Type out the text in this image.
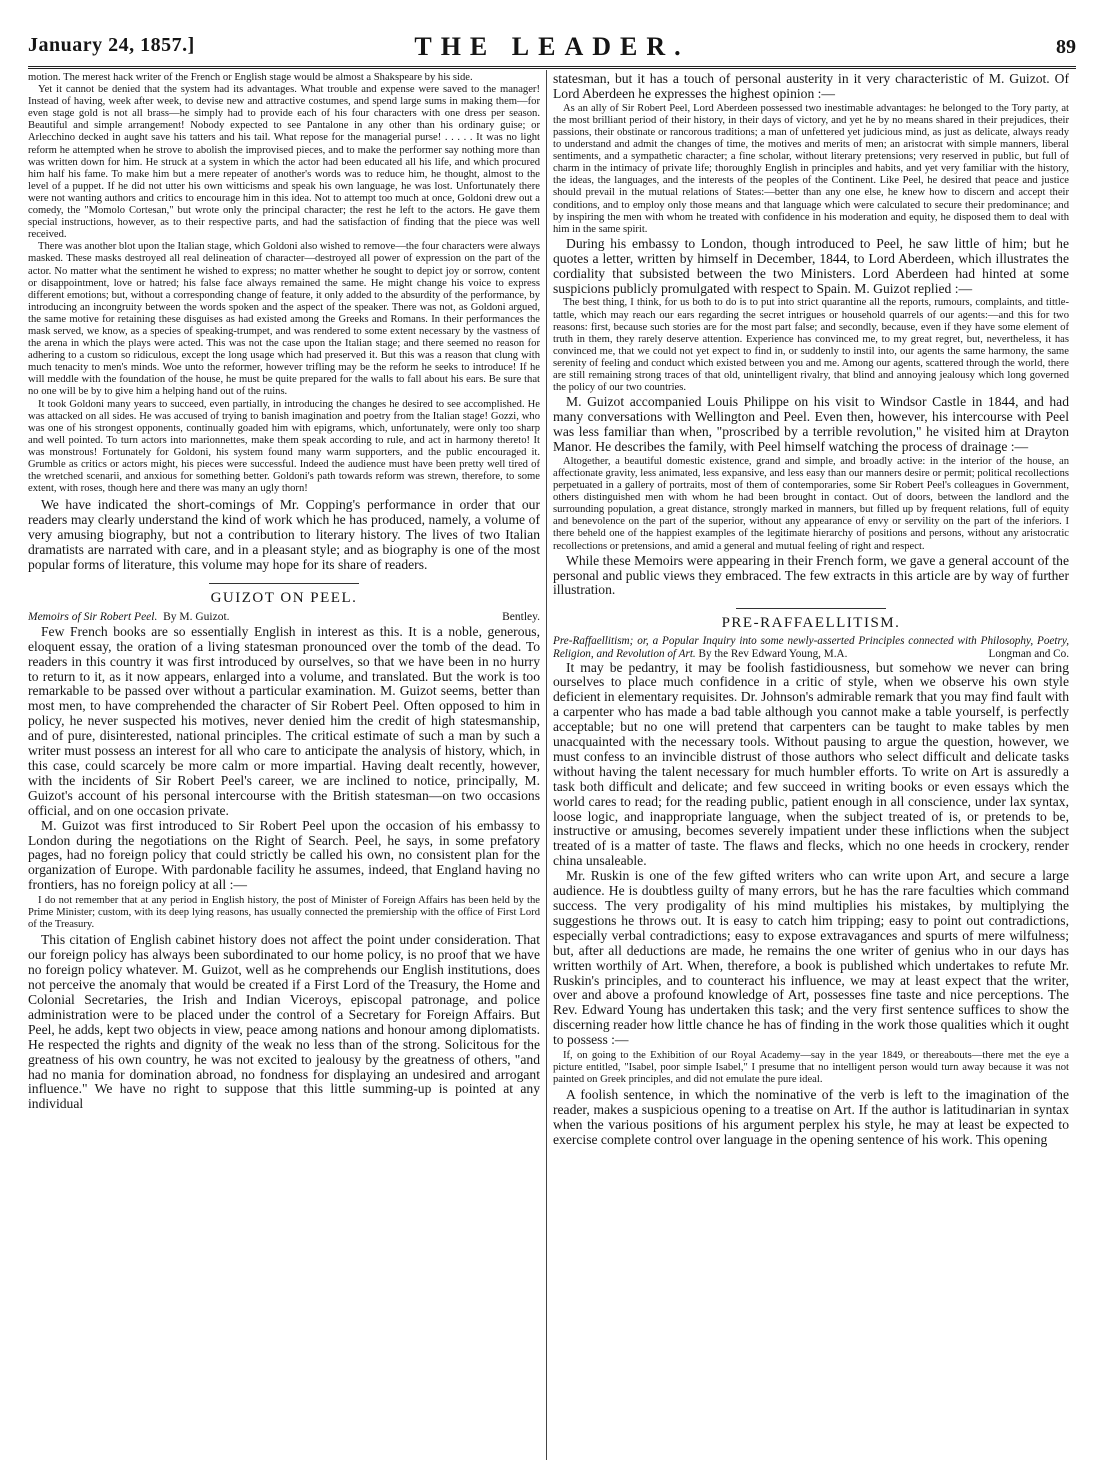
January 24, 1857.]	THE LEADER.	89

motion. The merest hack writer of the French or English stage would be almost a Shakspeare by his side.

Yet it cannot be denied that the system had its advantages. What trouble and expense were saved to the manager! Instead of having, week after week, to devise new and attractive costumes, and spend large sums in making them—for even stage gold is not all brass—he simply had to provide each of his four characters with one dress per season. Beautiful and simple arrangement! Nobody expected to see Pantalone in any other than his ordinary guise; or Arlecchino decked in aught save his tatters and his tail. What repose for the managerial purse! . . . . . It was no light reform he attempted when he strove to abolish the improvised pieces, and to make the performer say nothing more than was written down for him. He struck at a system in which the actor had been educated all his life, and which procured him half his fame. To make him but a mere repeater of another's words was to reduce him, he thought, almost to the level of a puppet. If he did not utter his own witticisms and speak his own language, he was lost. Unfortunately there were not wanting authors and critics to encourage him in this idea. Not to attempt too much at once, Goldoni drew out a comedy, the "Momolo Cortesan," but wrote only the principal character; the rest he left to the actors. He gave them special instructions, however, as to their respective parts, and had the satisfaction of finding that the piece was well received.

There was another blot upon the Italian stage, which Goldoni also wished to remove—the four characters were always masked. These masks destroyed all real delineation of character—destroyed all power of expression on the part of the actor. No matter what the sentiment he wished to express; no matter whether he sought to depict joy or sorrow, content or disappointment, love or hatred; his false face always remained the same. He might change his voice to express different emotions; but, without a corresponding change of feature, it only added to the absurdity of the performance, by introducing an incongruity between the words spoken and the aspect of the speaker. There was not, as Goldoni argued, the same motive for retaining these disguises as had existed among the Greeks and Romans. In their performances the mask served, we know, as a species of speaking-trumpet, and was rendered to some extent necessary by the vastness of the arena in which the plays were acted. This was not the case upon the Italian stage; and there seemed no reason for adhering to a custom so ridiculous, except the long usage which had preserved it. But this was a reason that clung with much tenacity to men's minds. Woe unto the reformer, however trifling may be the reform he seeks to introduce! If he will meddle with the foundation of the house, he must be quite prepared for the walls to fall about his ears. Be sure that no one will be by to give him a helping hand out of the ruins.

It took Goldoni many years to succeed, even partially, in introducing the changes he desired to see accomplished. He was attacked on all sides. He was accused of trying to banish imagination and poetry from the Italian stage! Gozzi, who was one of his strongest opponents, continually goaded him with epigrams, which, unfortunately, were only too sharp and well pointed. To turn actors into marionnettes, make them speak according to rule, and act in harmony thereto! It was monstrous! Fortunately for Goldoni, his system found many warm supporters, and the public encouraged it. Grumble as critics or actors might, his pieces were successful. Indeed the audience must have been pretty well tired of the wretched scenarii, and anxious for something better. Goldoni's path towards reform was strewn, therefore, to some extent, with roses, though here and there was many an ugly thorn!

We have indicated the short-comings of Mr. Copping's performance in order that our readers may clearly understand the kind of work which he has produced, namely, a volume of very amusing biography, but not a contribution to literary history. The lives of two Italian dramatists are narrated with care, and in a pleasant style; and as biography is one of the most popular forms of literature, this volume may hope for its share of readers.

GUIZOT ON PEEL.
Memoirs of Sir Robert Peel. By M. Guizot.	Bentley.

Few French books are so essentially English in interest as this. It is a noble, generous, eloquent essay, the oration of a living statesman pronounced over the tomb of the dead. To readers in this country it was first introduced by ourselves, so that we have been in no hurry to return to it, as it now appears, enlarged into a volume, and translated. But the work is too remarkable to be passed over without a particular examination. M. Guizot seems, better than most men, to have comprehended the character of Sir Robert Peel. Often opposed to him in policy, he never suspected his motives, never denied him the credit of high statesmanship, and of pure, disinterested, national principles. The critical estimate of such a man by such a writer must possess an interest for all who care to anticipate the analysis of history, which, in this case, could scarcely be more calm or more impartial. Having dealt recently, however, with the incidents of Sir Robert Peel's career, we are inclined to notice, principally, M. Guizot's account of his personal intercourse with the British statesman—on two occasions official, and on one occasion private.

M. Guizot was first introduced to Sir Robert Peel upon the occasion of his embassy to London during the negotiations on the Right of Search. Peel, he says, in some prefatory pages, had no foreign policy that could strictly be called his own, no consistent plan for the organization of Europe. With pardonable facility he assumes, indeed, that England having no frontiers, has no foreign policy at all :—

I do not remember that at any period in English history, the post of Minister of Foreign Affairs has been held by the Prime Minister; custom, with its deep lying reasons, has usually connected the premiership with the office of First Lord of the Treasury.

This citation of English cabinet history does not affect the point under consideration. That our foreign policy has always been subordinated to our home policy, is no proof that we have no foreign policy whatever. M. Guizot, well as he comprehends our English institutions, does not perceive the anomaly that would be created if a First Lord of the Treasury, the Home and Colonial Secretaries, the Irish and Indian Viceroys, episcopal patronage, and police administration were to be placed under the control of a Secretary for Foreign Affairs. But Peel, he adds, kept two objects in view, peace among nations and honour among diplomatists. He respected the rights and dignity of the weak no less than of the strong. Solicitous for the greatness of his own country, he was not excited to jealousy by the greatness of others, "and had no mania for domination abroad, no fondness for displaying an undesired and arrogant influence." We have no right to suppose that this little summing-up is pointed at any individual

statesman, but it has a touch of personal austerity in it very characteristic of M. Guizot. Of Lord Aberdeen he expresses the highest opinion :—

As an ally of Sir Robert Peel, Lord Aberdeen possessed two inestimable advantages: he belonged to the Tory party, at the most brilliant period of their history, in their days of victory, and yet he by no means shared in their prejudices, their passions, their obstinate or rancorous traditions; a man of unfettered yet judicious mind, as just as delicate, always ready to understand and admit the changes of time, the motives and merits of men; an aristocrat with simple manners, liberal sentiments, and a sympathetic character; a fine scholar, without literary pretensions; very reserved in public, but full of charm in the intimacy of private life; thoroughly English in principles and habits, and yet very familiar with the history, the ideas, the languages, and the interests of the peoples of the Continent. Like Peel, he desired that peace and justice should prevail in the mutual relations of States:—better than any one else, he knew how to discern and accept their conditions, and to employ only those means and that language which were calculated to secure their predominance; and by inspiring the men with whom he treated with confidence in his moderation and equity, he disposed them to deal with him in the same spirit.

During his embassy to London, though introduced to Peel, he saw little of him; but he quotes a letter, written by himself in December, 1844, to Lord Aberdeen, which illustrates the cordiality that subsisted between the two Ministers. Lord Aberdeen had hinted at some suspicions publicly promulgated with respect to Spain. M. Guizot replied :—

The best thing, I think, for us both to do is to put into strict quarantine all the reports, rumours, complaints, and tittle-tattle, which may reach our ears regarding the secret intrigues or household quarrels of our agents:—and this for two reasons: first, because such stories are for the most part false; and secondly, because, even if they have some element of truth in them, they rarely deserve attention. Experience has convinced me, to my great regret, but, nevertheless, it has convinced me, that we could not yet expect to find in, or suddenly to instil into, our agents the same harmony, the same serenity of feeling and conduct which existed between you and me. Among our agents, scattered through the world, there are still remaining strong traces of that old, unintelligent rivalry, that blind and annoying jealousy which long governed the policy of our two countries.

M. Guizot accompanied Louis Philippe on his visit to Windsor Castle in 1844, and had many conversations with Wellington and Peel. Even then, however, his intercourse with Peel was less familiar than when, "proscribed by a terrible revolution," he visited him at Drayton Manor. He describes the family, with Peel himself watching the process of drainage :—

Altogether, a beautiful domestic existence, grand and simple, and broadly active: in the interior of the house, an affectionate gravity, less animated, less expansive, and less easy than our manners desire or permit; political recollections perpetuated in a gallery of portraits, most of them of contemporaries, some Sir Robert Peel's colleagues in Government, others distinguished men with whom he had been brought in contact. Out of doors, between the landlord and the surrounding population, a great distance, strongly marked in manners, but filled up by frequent relations, full of equity and benevolence on the part of the superior, without any appearance of envy or servility on the part of the inferiors. I there beheld one of the happiest examples of the legitimate hierarchy of positions and persons, without any aristocratic recollections or pretensions, and amid a general and mutual feeling of right and respect.

While these Memoirs were appearing in their French form, we gave a general account of the personal and public views they embraced. The few extracts in this article are by way of further illustration.

PRE-RAFFAELLITISM.
Pre-Raffaellitism; or, a Popular Inquiry into some newly-asserted Principles connected with Philosophy, Poetry, Religion, and Revolution of Art. By the Rev Edward Young, M.A.	Longman and Co.

It may be pedantry, it may be foolish fastidiousness, but somehow we never can bring ourselves to place much confidence in a critic of style, when we observe his own style deficient in elementary requisites. Dr. Johnson's admirable remark that you may find fault with a carpenter who has made a bad table although you cannot make a table yourself, is perfectly acceptable; but no one will pretend that carpenters can be taught to make tables by men unacquainted with the necessary tools. Without pausing to argue the question, however, we must confess to an invincible distrust of those authors who select difficult and delicate tasks without having the talent necessary for much humbler efforts. To write on Art is assuredly a task both difficult and delicate; and few succeed in writing books or even essays which the world cares to read; for the reading public, patient enough in all conscience, under lax syntax, loose logic, and inappropriate language, when the subject treated of is, or pretends to be, instructive or amusing, becomes severely impatient under these inflictions when the subject treated of is a matter of taste. The flaws and flecks, which no one heeds in crockery, render china unsaleable.

Mr. Ruskin is one of the few gifted writers who can write upon Art, and secure a large audience. He is doubtless guilty of many errors, but he has the rare faculties which command success. The very prodigality of his mind multiplies his mistakes, by multiplying the suggestions he throws out. It is easy to catch him tripping; easy to point out contradictions, especially verbal contradictions; easy to expose extravagances and spurts of mere wilfulness; but, after all deductions are made, he remains the one writer of genius who in our days has written worthily of Art. When, therefore, a book is published which undertakes to refute Mr. Ruskin's principles, and to counteract his influence, we may at least expect that the writer, over and above a profound knowledge of Art, possesses fine taste and nice perceptions. The Rev. Edward Young has undertaken this task; and the very first sentence suffices to show the discerning reader how little chance he has of finding in the work those qualities which it ought to possess :—

If, on going to the Exhibition of our Royal Academy—say in the year 1849, or thereabouts—there met the eye a picture entitled, "Isabel, poor simple Isabel," I presume that no intelligent person would turn away because it was not painted on Greek principles, and did not emulate the pure ideal.

A foolish sentence, in which the nominative of the verb is left to the imagination of the reader, makes a suspicious opening to a treatise on Art. If the author is latitudinarian in syntax when the various positions of his argument perplex his style, he may at least be expected to exercise complete control over language in the opening sentence of his work. This opening
